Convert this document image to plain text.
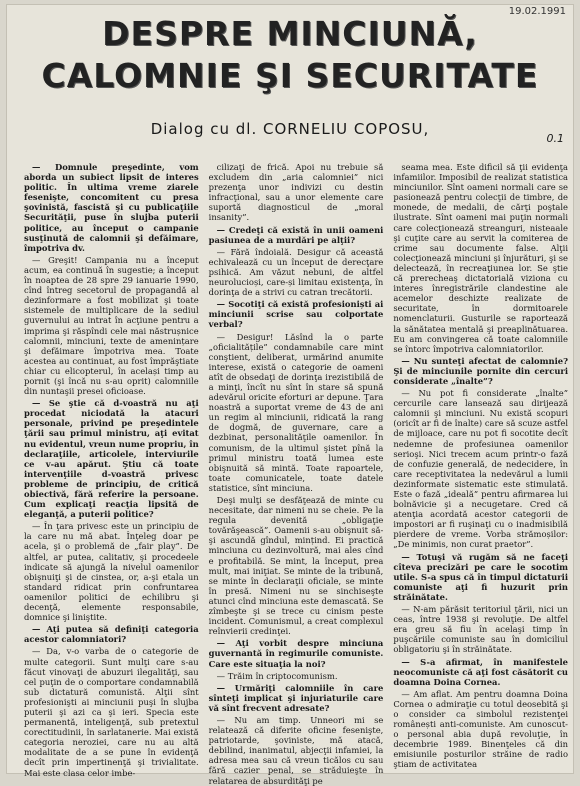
19.02.1991
DESPRE MINCIUNĂ,
CALOMNIE ŞI SECURITATE
Dialog cu dl. CORNELIU COPOSU,
0.1

— Domnule preşedinte, vom aborda un subiect lipsit de interes politic. În ultima vreme ziarele fesenişte, concomitent cu presa şovinistă, fascistă şi cu publicaţiile Securităţii, puse în slujba puterii politice, au început o campanie susţinută de calomnii şi defăimare, împotriva dv.

— Greşit! Campania nu a început acum, ea continuă în sugestie; a început în noaptea de 28 spre 29 ianuarie 1990, cînd întreg secetorul de propagandă al dezinformare a fost mobilizat şi toate sistemele de multiplicare de la sediul guvernului au intrat în acţiune pentru a imprima şi răspîndi cele mai năstrușnice calomnii, minciuni, texte de amenințare şi defăimare împotriva mea. Toate acestea au continuat, au fost împrăştiate chiar cu elicopterul, în același timp au pornit (şi încă nu s-au oprit) calomniile din nuntaşii presei oficioase.

— Se ştie că d-voastră nu aţi procedat niciodată la atacuri personale, privind pe preşedintele ţării sau primul ministru, aţi evitat nu evidentul, vreun nume propriu, în declaraţiile, articolele, interviurile ce v-au apărut. Ştiu că toate intervenţiile d-voastră privesc probleme de principiu, de critică obiectivă, fără referire la persoane. Cum explicaţi reacţia lipsită de eleganţă, a puterii politice?

— În ţara privesc este un principiu de la care nu mă abat. Înţeleg doar pe acela, şi o problemă de „fair play”. De altfel, ar putea, calitativ, şi procedeele indicate să ajungă la nivelul oamenilor obişnuiţi şi de cinstea, or, a-şi etala un standard ridicat prin confruntarea oamenilor politici de echilibru şi decenţă, elemente responsabile, domnice şi liniştite.

— Aţi putea să definiţi categoria acestor calomniatori?

— Da, v-o varba de o categorie de multe categorii. Sunt mulţi care s-au făcut vinovaţi de abuzuri ilegalităţi, sau cel puţin de o comportare condamnabilă sub dictatură comunistă. Alţii sînt profesionişti ai minciunii puşi în slujba puterii şi azi ca şi ieri. Specia este permanentă, inteligenţă, sub pretextul corectitudinii, în sarlatanerie. Mai există categoria neroziei, care nu au altă modalitate de a se pune în evidenţă decît prin impertinenţă şi trivialitate. Mai este clasa celor imbe-

cilizaţi de frică. Apoi nu trebuie să excludem din „aria calomniei” nici prezenţa unor indivizi cu destin infracţional, sau a unor elemente care suportă diagnosticul de „moral insanity”.

— Credeţi că există în unii oameni pasiunea de a murdări pe alţii?

— Fără îndoială. Desigur că această echivalează cu un început de derecţare psihică. Am văzut nebuni, de altfel neurolucioși, care-și limitau existenţa, în dorinţa de a strivi cu catran trecătorii.

— Socotiţi că există profesioniști ai minciunii scrise sau colportate verbal?

— Desigur! Lăsînd la o parte „oficialitățile” condamnabile care mint conştient, deliberat, urmărind anumite interese, există o categorie de oameni atît de obsedaţi de dorinţa irezistibilă de a minţi, încît nu sînt în stare să spună adevărul oricite eforturi ar depune. Ţara noastră a suportat vreme de 43 de ani un regim al minciunii, ridicată la rang de dogmă, de guvernare, care a dezbinat, personalităţile oamenilor. În comunism, de la ultimul şistet pînă la primul ministru toată lumea este obişnuită să mintă. Toate rapoartele, toate comunicatele, toate datele statistice, sînt minciuna.

Deşi mulţi se desfăţează de minte cu necesitate, dar nimeni nu se cheie. Pe la regula devenită „obligaţie tovărăşească”. Oamenii s-au obişnuit să-şi ascundă gîndul, mințind. Ei practică minciuna cu dezinvoltură, mai ales cînd e profitabilă. Se mint, la început, prea mult, mai iniţiat. Se minte de la tribună, se minte în declaraţii oficiale, se minte în presă. Nimeni nu se sinchiseşte atunci cînd minciuna este demascată. Se zîmbeşte şi se trece cu cinism peste incident. Comunismul, a creat complexul reînvierii credinţei.

— Aţi vorbit despre minciuna guvernantă în regimurile comuniste. Care este situaţia la noi?

— Trăim în criptocomunism.

— Urmăriţi calomniile în care sînteţi implicat şi injuriaturile care vă sînt frecvent adresate?

— Nu am timp. Unneori mi se relatează că diferite oficine fesenişte, patriotarde, şovinistе, mă atacă, debilind, inanimatul, abjecţii infamiei, la adresa mea sau că vreun ticălos cu sau fără cazier penal, se străduieşte în relatarea de absurdităţi pe

seama mea. Este dificil să ţii evidenţa infamiilor. Imposibil de realizat statistica minciunilor. Sînt oameni normali care se pasionează pentru colecţii de timbre, de monede, de medalii, de cărţi poştale ilustrate. Sînt oameni mai puţin normali care colecţionează streanguri, nisteaale şi cuţite care au servit la comiterea de crime sau documente false. Alţii colecţionează minciuni şi înjurături, şi se delectează, în recreaţiunea lor. Se ştie că prerecheaş dictatorială viziona cu interes înregistrările clandestine ale acemelor deschizte realizate de securitate, în dormitoarele nomenclaturii. Gusturile se raportează la sănătatea mentală şi preaplinătuarea. Eu am convingerea că toate calomniile se întorc împotriva calomniatorilor.

— Nu sunteţi afectat de calomnie? Şi de minciunile pornite din cercuri considerate „înalte”?

— Nu pot fi considerate „înalte” cercurile care lansează sau dirijează calomnii şi minciuni. Nu există scopuri (oricît ar fi de înalte) care să scuze astfel de mijloace, care nu pot fi socotite decît nedemne de profesiunea oamenilor serioşi. Nici trecem acum printr-o fază de confuzie generală, de nedecidere, în care receptivitatea la nedevărul a lumii dezinformate sistematic este stimulată. Este o fază „ideală” pentru afirmarea lui bolnăvicie şi a necugetare. Cred că atenţia acordată acestor categorii de impostori ar fi ruşinaţi cu o inadmisibilă pierdere de vreme. Vorba strămoșilor: „De minimis, non curat praetor”.

— Totuşi vă rugăm să ne faceţi cîteva precizări pe care le socotim utile. S-a spus că în timpul dictaturii comuniste aţi fi huzurit prin străinătate.

— N-am părăsit teritoriul ţării, nici un ceas, între 1938 şi revoluţie. De altfel era greu să fiu în acelaşi timp în puşcăriile comuniste sau în domiciliul obligatoriu şi în străinătate.

— S-a afirmat, în manifestele neocomuniste că aţi fost căsătorit cu doamna Doina Cornea.

— Am aflat. Am pentru doamna Doina Cornea o admiraţie cu totul deosebită şi o consider ca simbolul rezistenţei românești anti-comuniste. Am cunoscut-o personal abia după revoluţie, în decembrie 1989. Binenţeles că din emisiunile posturilor străine de radio ştiam de activitatea
